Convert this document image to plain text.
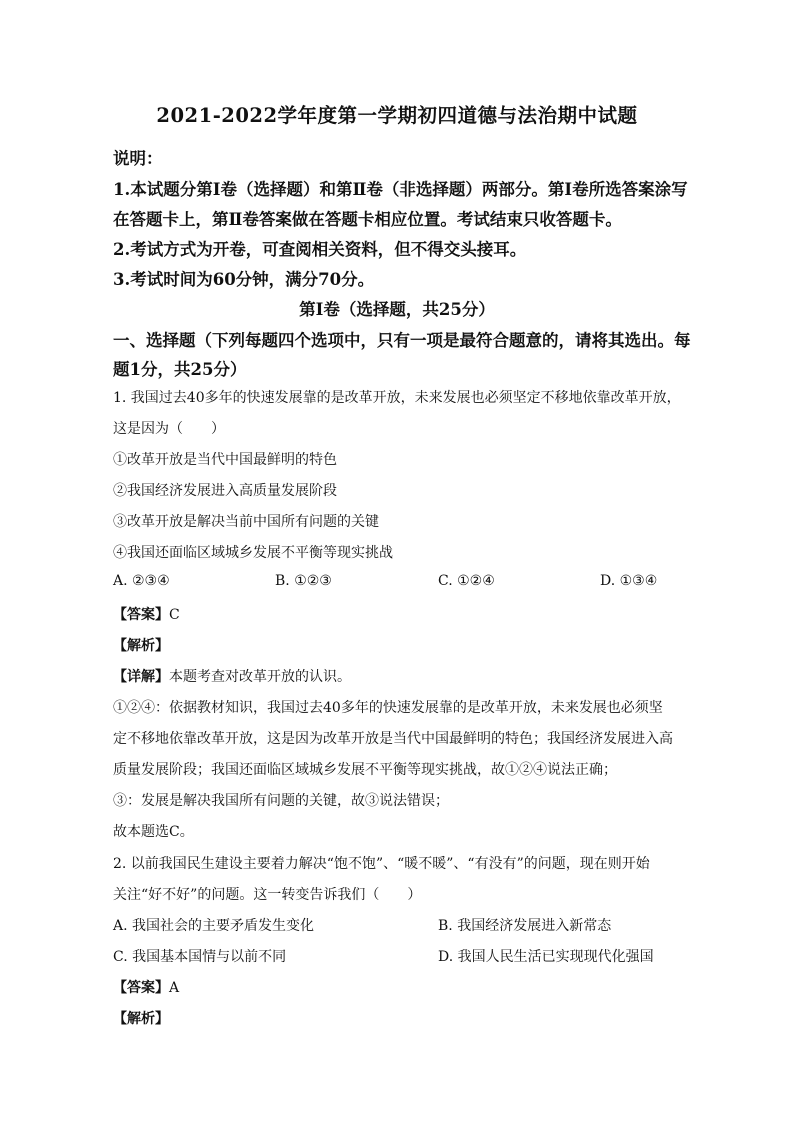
2021-2022学年度第一学期初四道德与法治期中试题
说明：
1.本试题分第Ⅰ卷（选择题）和第Ⅱ卷（非选择题）两部分。第Ⅰ卷所选答案涂写
在答题卡上，第Ⅱ卷答案做在答题卡相应位置。考试结束只收答题卡。
2.考试方式为开卷，可查阅相关资料，但不得交头接耳。
3.考试时间为60分钟，满分70分。
第Ⅰ卷（选择题，共25分）
一、选择题（下列每题四个选项中，只有一项是最符合题意的，请将其选出。每
题1分，共25分）
1. 我国过去40多年的快速发展靠的是改革开放，未来发展也必须坚定不移地依靠改革开放，
这是因为（　　）
①改革开放是当代中国最鲜明的特色
②我国经济发展进入高质量发展阶段
③改革开放是解决当前中国所有问题的关键
④我国还面临区域城乡发展不平衡等现实挑战
A. ②③④	B. ①②③	C. ①②④	D. ①③④
【答案】C
【解析】
【详解】本题考查对改革开放的认识。
①②④：依据教材知识，我国过去40多年的快速发展靠的是改革开放，未来发展也必须坚
定不移地依靠改革开放，这是因为改革开放是当代中国最鲜明的特色；我国经济发展进入高
质量发展阶段；我国还面临区域城乡发展不平衡等现实挑战，故①②④说法正确；
③：发展是解决我国所有问题的关键，故③说法错误；
故本题选C。
2. 以前我国民生建设主要着力解决“饱不饱”、“暖不暖”、“有没有”的问题，现在则开始
关注“好不好”的问题。这一转变告诉我们（　　）
A. 我国社会的主要矛盾发生变化	B. 我国经济发展进入新常态
C. 我国基本国情与以前不同	D. 我国人民生活已实现现代化强国
【答案】A
【解析】
